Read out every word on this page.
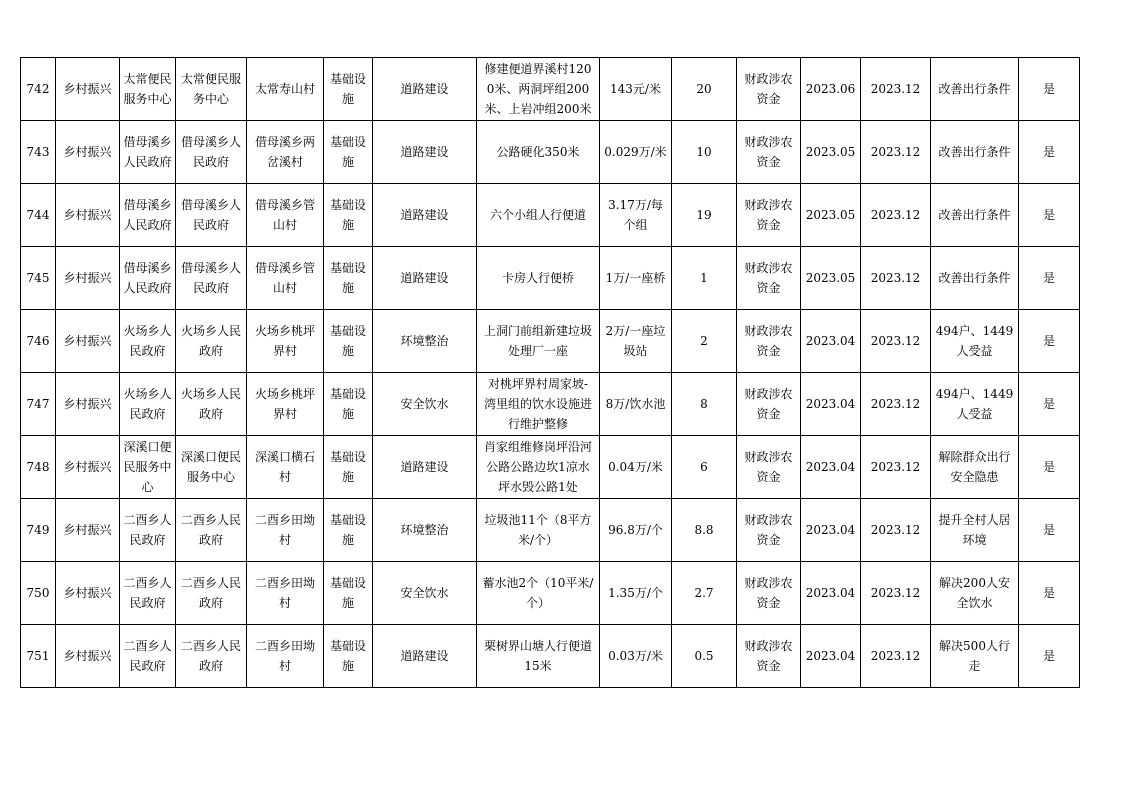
742	乡村振兴	太常便民服务中心	太常便民服务中心	太常寿山村	基础设施	道路建设	修建便道界溪村1200米、两洞坪组200米、上岩冲组200米	143元/米	20	财政涉农资金	2023.06	2023.12	改善出行条件	是
743	乡村振兴	借母溪乡人民政府	借母溪乡人民政府	借母溪乡两岔溪村	基础设施	道路建设	公路硬化350米	0.029万/米	10	财政涉农资金	2023.05	2023.12	改善出行条件	是
744	乡村振兴	借母溪乡人民政府	借母溪乡人民政府	借母溪乡管山村	基础设施	道路建设	六个小组人行便道	3.17万/每个组	19	财政涉农资金	2023.05	2023.12	改善出行条件	是
745	乡村振兴	借母溪乡人民政府	借母溪乡人民政府	借母溪乡管山村	基础设施	道路建设	卡房人行便桥	1万/一座桥	1	财政涉农资金	2023.05	2023.12	改善出行条件	是
746	乡村振兴	火场乡人民政府	火场乡人民政府	火场乡桃坪界村	基础设施	环境整治	上洞门前组新建垃圾处理厂一座	2万/一座垃圾站	2	财政涉农资金	2023.04	2023.12	494户、1449人受益	是
747	乡村振兴	火场乡人民政府	火场乡人民政府	火场乡桃坪界村	基础设施	安全饮水	对桃坪界村周家坡-湾里组的饮水设施进行维护整修	8万/饮水池	8	财政涉农资金	2023.04	2023.12	494户、1449人受益	是
748	乡村振兴	深溪口便民服务中心	深溪口便民服务中心	深溪口横石村	基础设施	道路建设	肖家组维修岗坪沿河公路公路边坎1凉水坪水毁公路1处	0.04万/米	6	财政涉农资金	2023.04	2023.12	解除群众出行安全隐患	是
749	乡村振兴	二酉乡人民政府	二酉乡人民政府	二酉乡田坳村	基础设施	环境整治	垃圾池11个（8平方米/个）	96.8万/个	8.8	财政涉农资金	2023.04	2023.12	提升全村人居环境	是
750	乡村振兴	二酉乡人民政府	二酉乡人民政府	二酉乡田坳村	基础设施	安全饮水	蓄水池2个（10平米/个）	1.35万/个	2.7	财政涉农资金	2023.04	2023.12	解决200人安全饮水	是
751	乡村振兴	二酉乡人民政府	二酉乡人民政府	二酉乡田坳村	基础设施	道路建设	栗树界山塘人行便道15米	0.03万/米	0.5	财政涉农资金	2023.04	2023.12	解决500人行走	是
